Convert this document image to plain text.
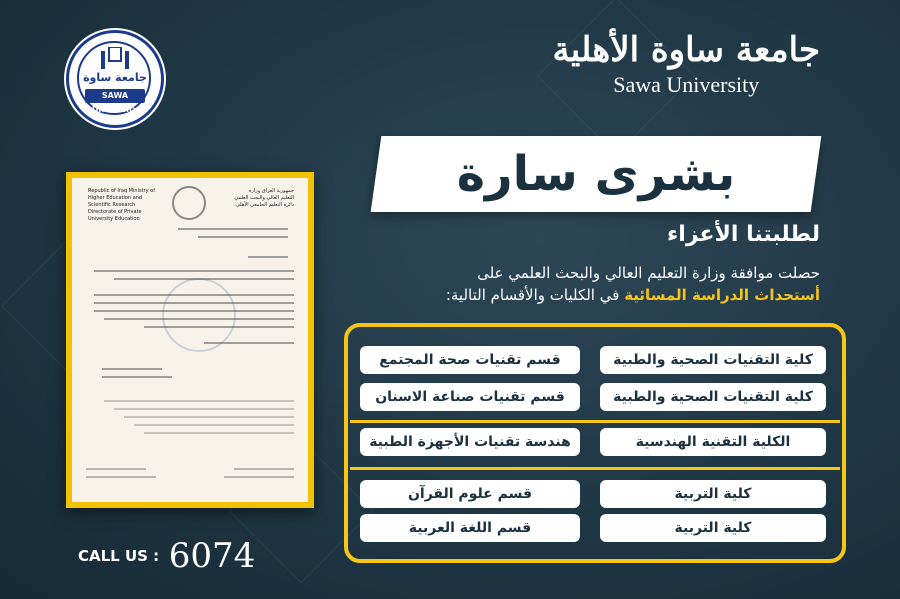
جامعة ساوة
SAWA University
جامعة ساوة الأهلية
Sawa University
Republic of Iraq Ministry of Higher Education and Scientific Research Directorate of Private University Education
جمهورية العراق وزارة التعليم العالي والبحث العلمي دائرة التعليم الجامعي الأهلي
بشرى سارة
لطلبتنا الأعزاء
حصلت موافقة وزارة التعليم العالي والبحث العلمي على
أستحداث الدراسة المسائية في الكليات والأقسام التالية:
كلية التقنيات الصحية والطبية
قسم تقنيات صحة المجتمع
كلية التقنيات الصحية والطبية
قسم تقنيات صناعة الاسنان
الكلية التقنية الهندسية
هندسة تقنيات الأجهزة الطبية
كلية التربية
قسم علوم القرآن
كلية التربية
قسم اللغة العربية
CALL US : 6074
